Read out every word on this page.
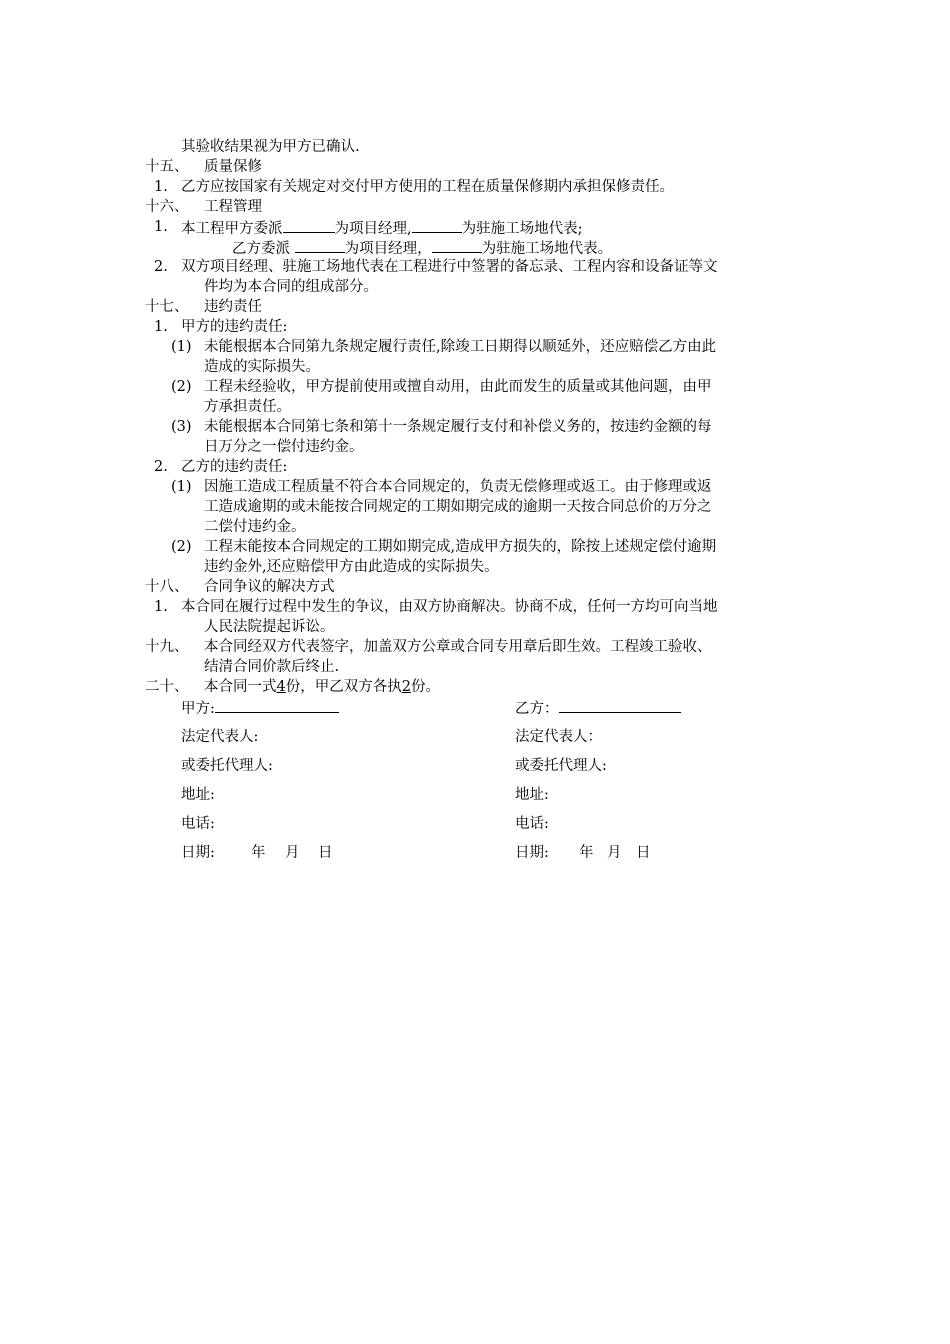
其验收结果视为甲方已确认.
十五、 质量保修
1. 乙方应按国家有关规定对交付甲方使用的工程在质量保修期内承担保修责任。
十六、 工程管理
1. 本工程甲方委派	为项目经理,	为驻施工场地代表;
乙方委派	为项目经理，	为驻施工场地代表。
2. 双方项目经理、驻施工场地代表在工程进行中签署的备忘录、工程内容和设备证等文
件均为本合同的组成部分。
十七、 违约责任
1. 甲方的违约责任:
(1) 未能根据本合同第九条规定履行责任,除竣工日期得以顺延外，还应赔偿乙方由此
造成的实际损失。
(2) 工程未经验收，甲方提前使用或擅自动用，由此而发生的质量或其他问题，由甲
方承担责任。
(3) 未能根据本合同第七条和第十一条规定履行支付和补偿义务的，按违约金额的每
日万分之一偿付违约金。
2. 乙方的违约责任:
(1) 因施工造成工程质量不符合本合同规定的，负责无偿修理或返工。由于修理或返
工造成逾期的或未能按合同规定的工期如期完成的逾期一天按合同总价的万分之
二偿付违约金。
(2) 工程末能按本合同规定的工期如期完成,造成甲方损失的，除按上述规定偿付逾期
违约金外,还应赔偿甲方由此造成的实际损失。
十八、 合同争议的解决方式
1. 本合同在履行过程中发生的争议，由双方协商解决。协商不成，任何一方均可向当地
人民法院提起诉讼。
十九、 本合同经双方代表签字，加盖双方公章或合同专用章后即生效。工程竣工验收、
结清合同价款后终止.
二十、 本合同一式4份，甲乙双方各执2份。
甲方:
法定代表人:
或委托代理人:
地址:
电话:
日期: 年 月 日
乙方：
法定代表人：
或委托代理人:
地址:
电话:
日期: 年 月 日
